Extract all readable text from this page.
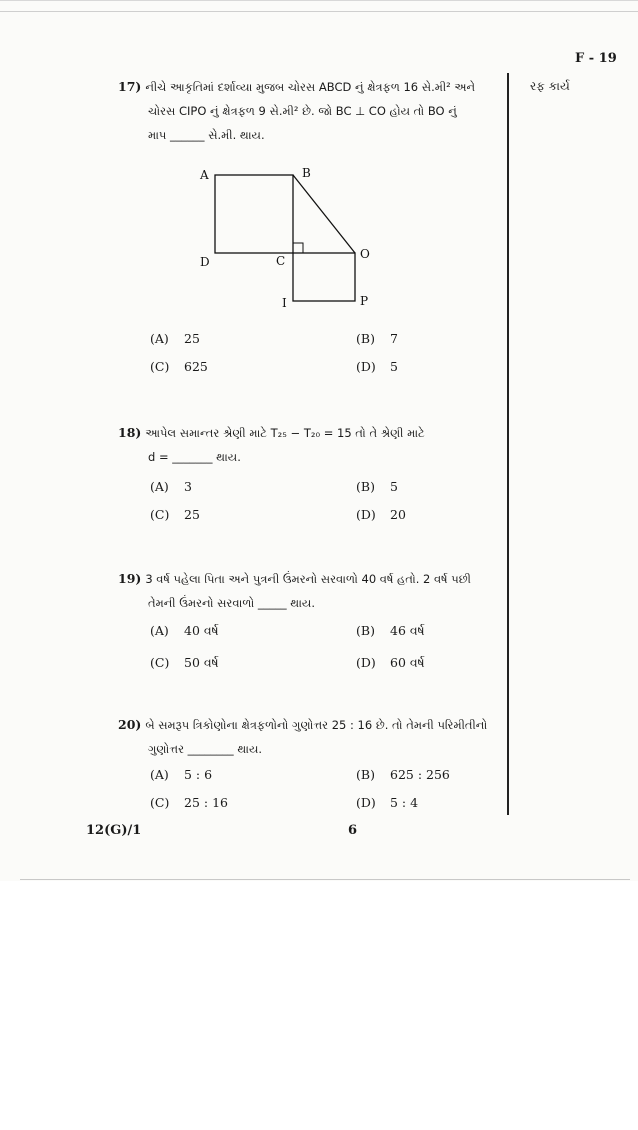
F - 19
રફ કાર્ય
17) નીચે આકૃતિમાં દર્શાવ્યા મુજબ ચોરસ ABCD નું ક્ષેત્રફળ 16 સે.મી² અને
ચોરસ CIPO નું ક્ષેત્રફળ 9 સે.મી² છે. જો BC ⊥ CO હોય તો BO નું
માપ ______ સે.મી. થાય.
A	B
C
D
O
I	P
(A) 25	(B) 7
(C) 625	(D) 5
18) આપેલ સમાન્તર શ્રેણી માટે T₂₅ − T₂₀ = 15 તો તે શ્રેણી માટે
d = _______ થાય.
(A) 3	(B) 5
(C) 25	(D) 20
19) 3 વર્ષ પહેલા પિતા અને પુત્રની ઉંમરનો સરવાળો 40 વર્ષ હતો. 2 વર્ષ પછી
તેમની ઉંમરનો સરવાળો _____ થાય.
(A) 40 વર્ષ	(B) 46 વર્ષ
(C) 50 વર્ષ	(D) 60 વર્ષ
20) બે સમરૂપ ત્રિકોણોના ક્ષેત્રફળોનો ગુણોત્તર 25 : 16 છે. તો તેમની પરિમીતીનો
ગુણોત્તર ________ થાય.
(A) 5 : 6	(B) 625 : 256
(C) 25 : 16	(D) 5 : 4
12(G)/1	6
